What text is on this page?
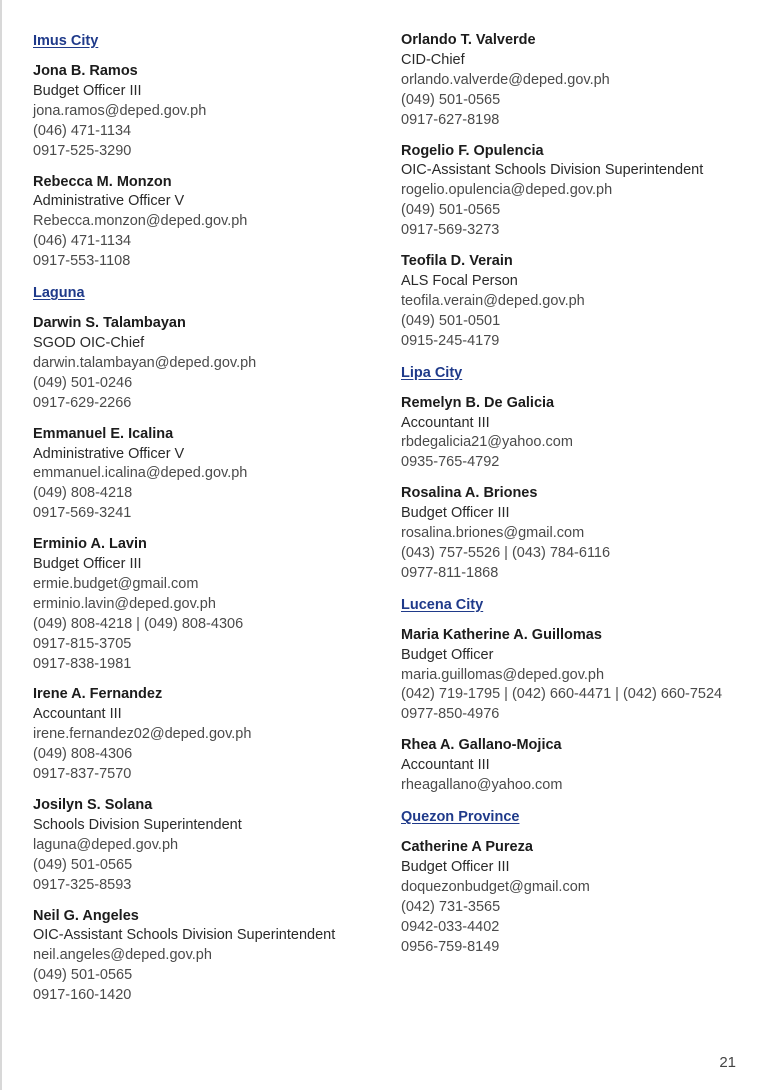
Imus City
Jona B. Ramos
Budget Officer III
jona.ramos@deped.gov.ph
(046) 471-1134
0917-525-3290
Rebecca M. Monzon
Administrative Officer V
Rebecca.monzon@deped.gov.ph
(046) 471-1134
0917-553-1108
Laguna
Darwin S. Talambayan
SGOD OIC-Chief
darwin.talambayan@deped.gov.ph
(049) 501-0246
0917-629-2266
Emmanuel E. Icalina
Administrative Officer V
emmanuel.icalina@deped.gov.ph
(049) 808-4218
0917-569-3241
Erminio A. Lavin
Budget Officer III
ermie.budget@gmail.com
erminio.lavin@deped.gov.ph
(049) 808-4218 | (049) 808-4306
0917-815-3705
0917-838-1981
Irene A. Fernandez
Accountant III
irene.fernandez02@deped.gov.ph
(049) 808-4306
0917-837-7570
Josilyn S. Solana
Schools Division Superintendent
laguna@deped.gov.ph
(049) 501-0565
0917-325-8593
Neil G. Angeles
OIC-Assistant Schools Division Superintendent
neil.angeles@deped.gov.ph
(049) 501-0565
0917-160-1420
Orlando T. Valverde
CID-Chief
orlando.valverde@deped.gov.ph
(049) 501-0565
0917-627-8198
Rogelio F. Opulencia
OIC-Assistant Schools Division Superintendent
rogelio.opulencia@deped.gov.ph
(049) 501-0565
0917-569-3273
Teofila D. Verain
ALS Focal Person
teofila.verain@deped.gov.ph
(049) 501-0501
0915-245-4179
Lipa City
Remelyn B. De Galicia
Accountant III
rbdegalicia21@yahoo.com
0935-765-4792
Rosalina A. Briones
Budget Officer III
rosalina.briones@gmail.com
(043) 757-5526 | (043) 784-6116
0977-811-1868
Lucena City
Maria Katherine A. Guillomas
Budget Officer
maria.guillomas@deped.gov.ph
(042) 719-1795 | (042) 660-4471 | (042) 660-7524
0977-850-4976
Rhea A. Gallano-Mojica
Accountant III
rheagallano@yahoo.com
Quezon Province
Catherine A Pureza
Budget Officer III
doquezonbudget@gmail.com
(042) 731-3565
0942-033-4402
0956-759-8149
21
